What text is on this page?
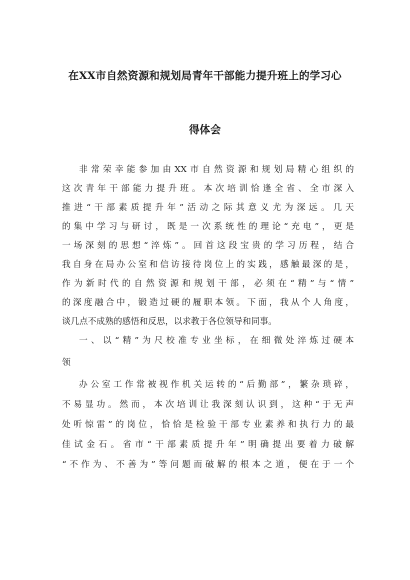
在XX市自然资源和规划局青年干部能力提升班上的学习心
得体会
非常荣幸能参加由XX市自然资源和规划局精心组织的
这次青年干部能力提升班。本次培训恰逢全省、全市深入
推进“干部素质提升年”活动之际其意义尤为深远。几天
的集中学习与研讨，既是一次系统性的理论“充电”，更是
一场深刻的思想“淬炼”。回首这段宝贵的学习历程，结合
我自身在局办公室和信访接待岗位上的实践，感触最深的是，
作为新时代的自然资源和规划干部，必须在“精”与“情”
的深度融合中，锻造过硬的履职本领。下面，我从个人角度，
谈几点不成熟的感悟和反思，以求教于各位领导和同事。
一、以“精”为尺校准专业坐标，在细微处淬炼过硬本
领
办公室工作常被视作机关运转的“后勤部”，繁杂琐碎，
不易显功。然而，本次培训让我深刻认识到，这种“于无声
处听惊雷”的岗位，恰恰是检验干部专业素养和执行力的最
佳试金石。省市“干部素质提升年”明确提出要着力破解
“不作为、不善为”等问题而破解的根本之道，便在于一个
